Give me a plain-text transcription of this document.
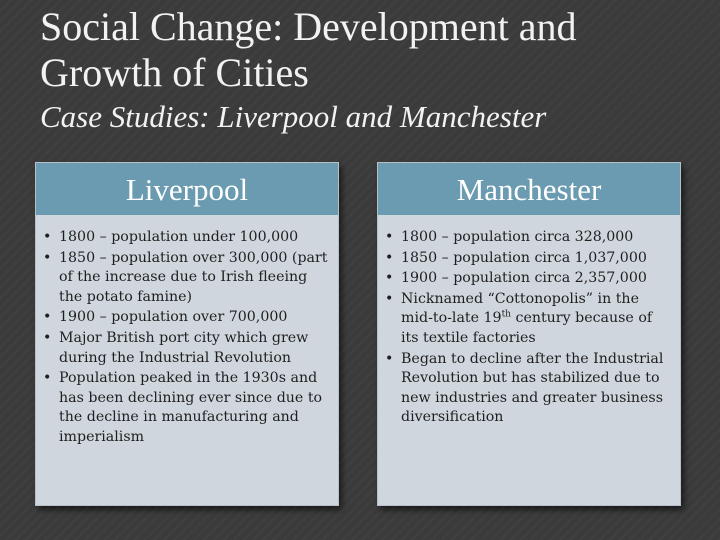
Social Change: Development and Growth of Cities
Case Studies: Liverpool and Manchester
Liverpool
• 1800 – population under 100,000
• 1850 – population over 300,000 (part of the increase due to Irish fleeing the potato famine)
• 1900 – population over 700,000
• Major British port city which grew during the Industrial Revolution
• Population peaked in the 1930s and has been declining ever since due to the decline in manufacturing and imperialism
Manchester
• 1800 – population circa 328,000
• 1850 – population circa 1,037,000
• 1900 – population circa 2,357,000
• Nicknamed “Cottonopolis” in the mid-to-late 19th century because of its textile factories
• Began to decline after the Industrial Revolution but has stabilized due to new industries and greater business diversification
